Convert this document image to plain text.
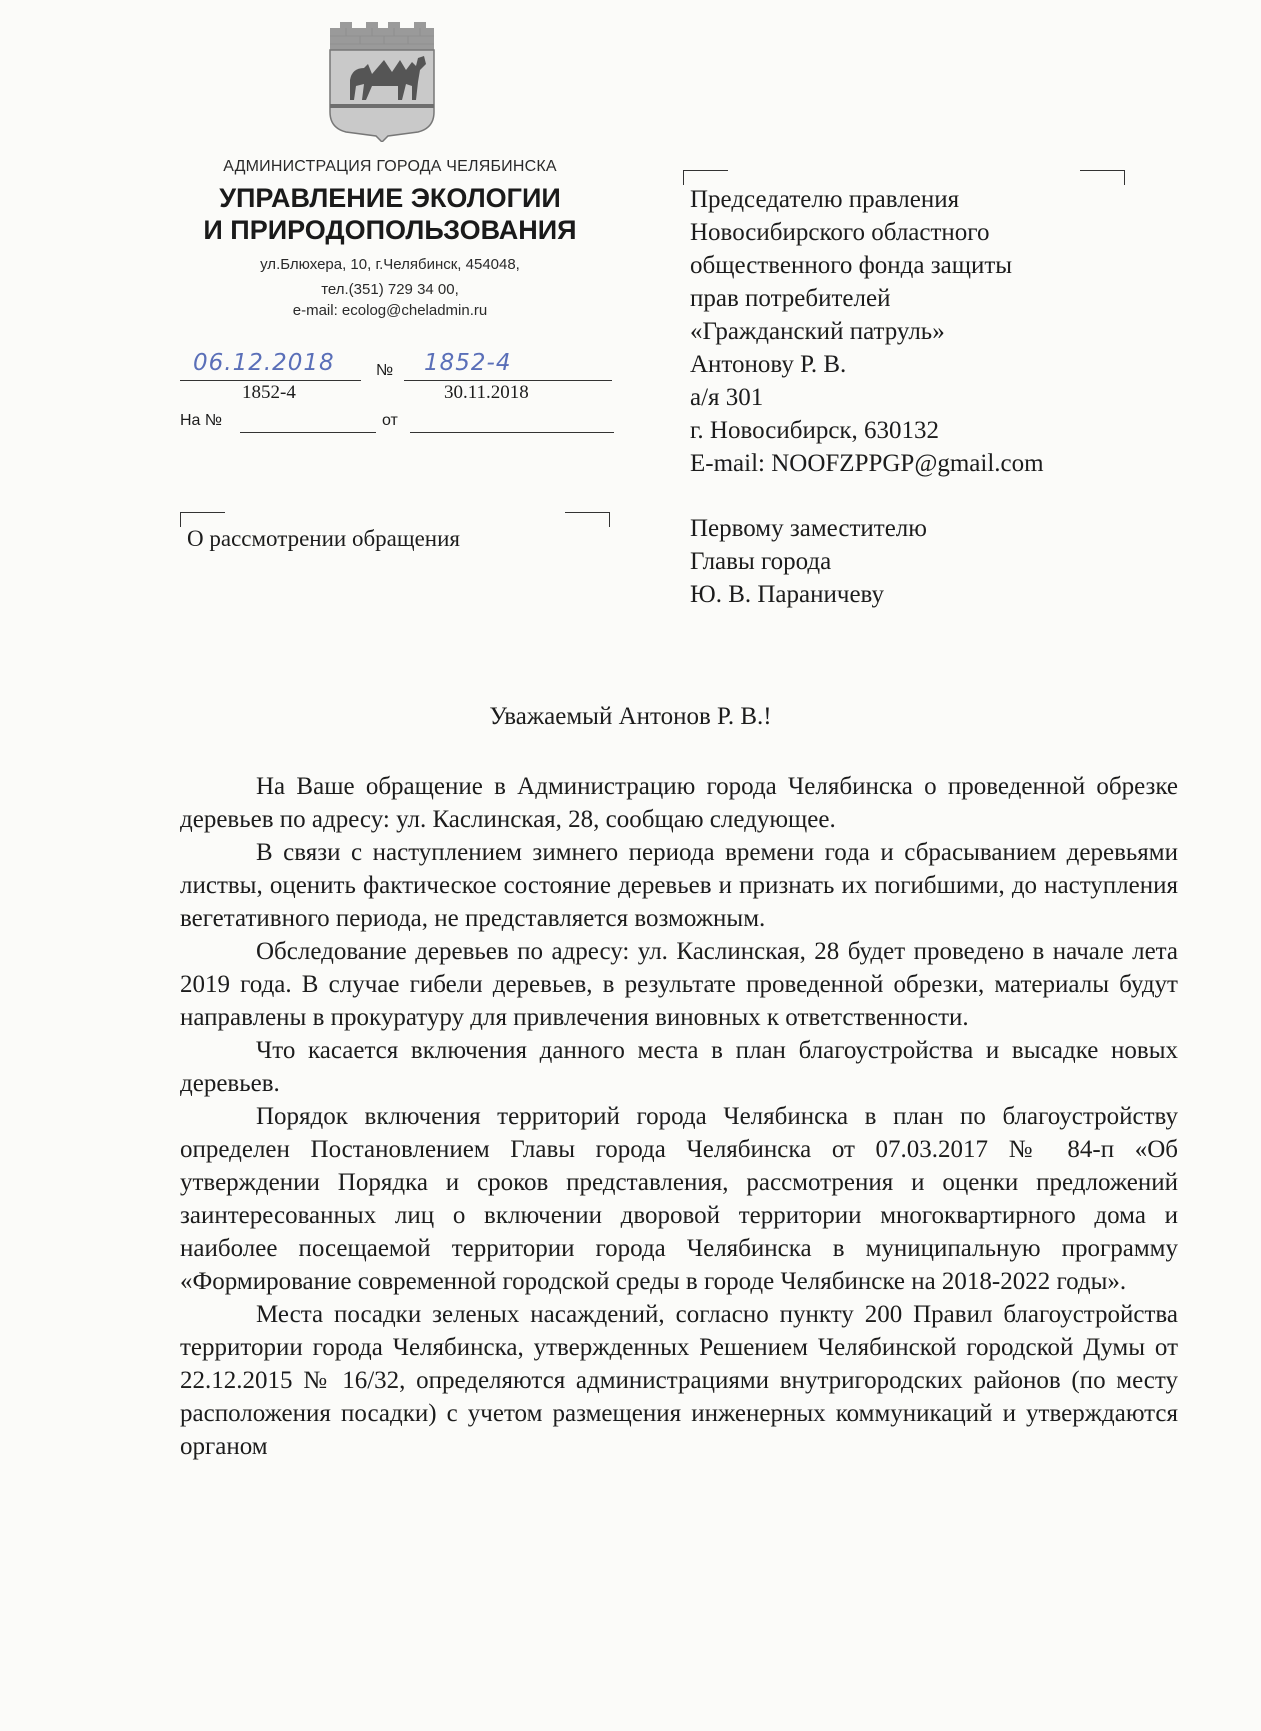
АДМИНИСТРАЦИЯ ГОРОДА ЧЕЛЯБИНСКА
УПРАВЛЕНИЕ ЭКОЛОГИИ
И ПРИРОДОПОЛЬЗОВАНИЯ
ул.Блюхера, 10, г.Челябинск, 454048,
тел.(351) 729 34 00,
e-mail: ecolog@cheladmin.ru
06.12.2018	№ 1852-4
1852-4	30.11.2018
На №	от
О рассмотрении обращения
Председателю правления
Новосибирского областного
общественного фонда защиты
прав потребителей
«Гражданский патруль»
Антонову Р. В.
а/я 301
г. Новосибирск, 630132
E-mail: NOOFZPPGP@gmail.com
Первому заместителю
Главы города
Ю. В. Параничеву
Уважаемый Антонов Р. В.!
На Ваше обращение в Администрацию города Челябинска о проведенной обрезке деревьев по адресу: ул. Каслинская, 28, сообщаю следующее.
В связи с наступлением зимнего периода времени года и сбрасыванием деревьями листвы, оценить фактическое состояние деревьев и признать их погибшими, до наступления вегетативного периода, не представляется возможным.
Обследование деревьев по адресу: ул. Каслинская, 28 будет проведено в начале лета 2019 года. В случае гибели деревьев, в результате проведенной обрезки, материалы будут направлены в прокуратуру для привлечения виновных к ответственности.
Что касается включения данного места в план благоустройства и высадке новых деревьев.
Порядок включения территорий города Челябинска в план по благоустройству определен Постановлением Главы города Челябинска от 07.03.2017 № 84-п «Об утверждении Порядка и сроков представления, рассмотрения и оценки предложений заинтересованных лиц о включении дворовой территории многоквартирного дома и наиболее посещаемой территории города Челябинска в муниципальную программу «Формирование современной городской среды в городе Челябинске на 2018-2022 годы».
Места посадки зеленых насаждений, согласно пункту 200 Правил благоустройства территории города Челябинска, утвержденных Решением Челябинской городской Думы от 22.12.2015 № 16/32, определяются администрациями внутригородских районов (по месту расположения посадки) с учетом размещения инженерных коммуникаций и утверждаются органом
